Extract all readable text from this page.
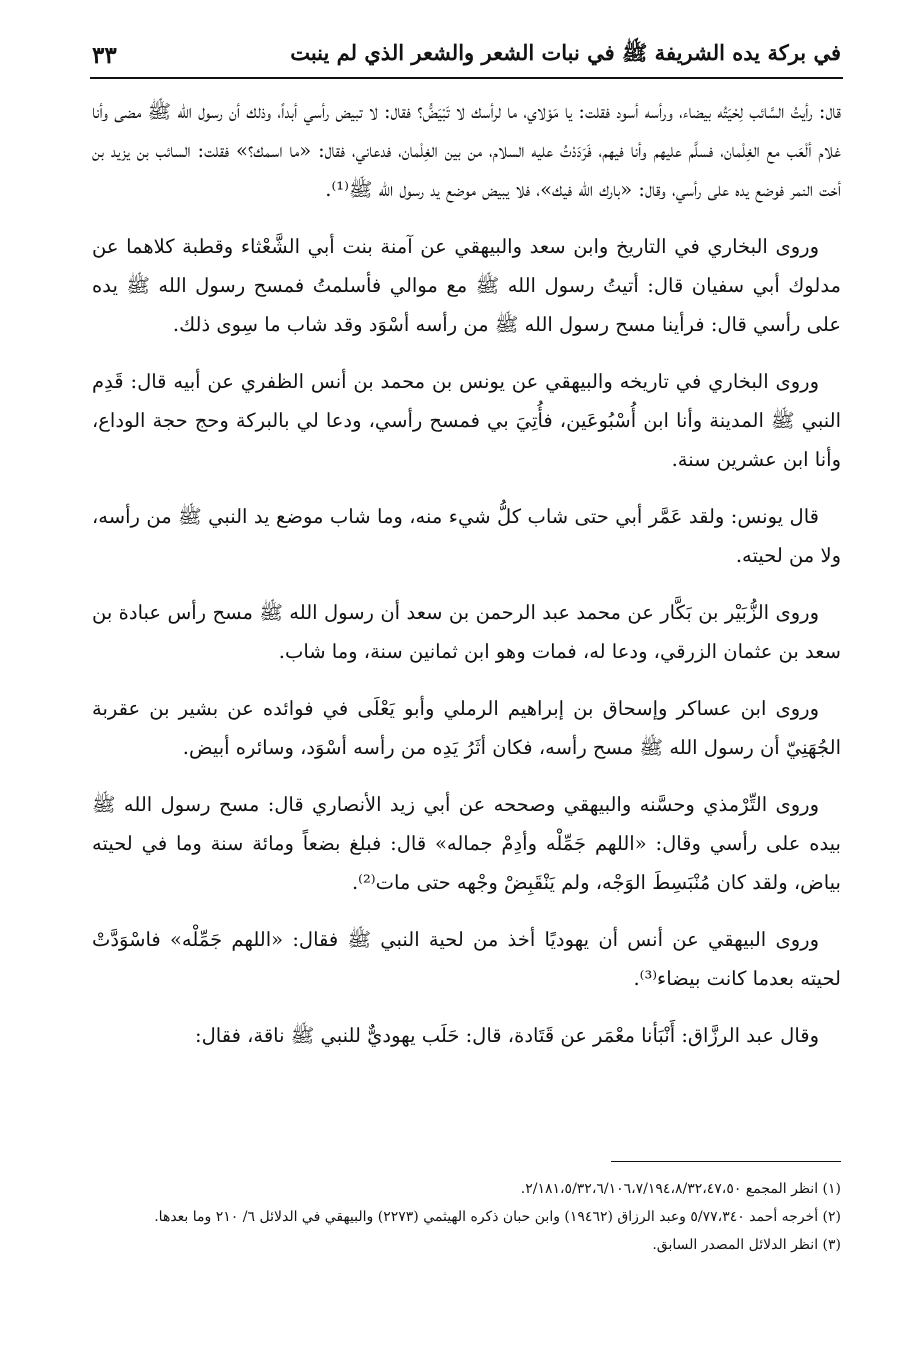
في بركة يده الشريفة ﷺ في نبات الشعر والشعر الذي لم ينبت
٣٣

قال: رأيتُ السَّائب لِحْيَتُه بيضاء، ورأسه أسود فقلت: يا مَوْلاي، ما لرأسك لا تَبْيَضُّ؟ فقال: لا تبيض رأسي أبداً، وذلك أن رسول الله ﷺ مضى وأنا غلام ألْعَب مع الغِلْمان، فسلَّم عليهم وأنا فيهم، فَرَدَدْتُ عليه السلام، من بين الغِلْمان، فدعاني، فقال: «ما اسمك؟» فقلت: السائب بن يزيد بن أخت النمر فوضع يده على رأسي، وقال: «بارك الله فيك»، فلا يبيض موضع يد رسول الله ﷺ⁽¹⁾.

وروى البخاري في التاريخ وابن سعد والبيهقي عن آمنة بنت أبي الشَّعْثاء وقطبة كلاهما عن مدلوك أبي سفيان قال: أتيتُ رسول الله ﷺ مع موالي فأسلمتُ فمسح رسول الله ﷺ يده على رأسي قال: فرأينا مسح رسول الله ﷺ من رأسه أسْوَد وقد شاب ما سِوى ذلك.

وروى البخاري في تاريخه والبيهقي عن يونس بن محمد بن أنس الظفري عن أبيه قال: قَدِم النبي ﷺ المدينة وأنا ابن أُسْبُوعَين، فأُتِيَ بي فمسح رأسي، ودعا لي بالبركة وحج حجة الوداع، وأنا ابن عشرين سنة.

قال يونس: ولقد عَمَّر أبي حتى شاب كلُّ شيء منه، وما شاب موضع يد النبي ﷺ من رأسه، ولا من لحيته.

وروى الزُّبَيْر بن بَكَّار عن محمد عبد الرحمن بن سعد أن رسول الله ﷺ مسح رأس عبادة بن سعد بن عثمان الزرقي، ودعا له، فمات وهو ابن ثمانين سنة، وما شاب.

وروى ابن عساكر وإسحاق بن إبراهيم الرملي وأبو يَعْلَى في فوائده عن بشير بن عقربة الجُهَنِيّ أن رسول الله ﷺ مسح رأسه، فكان أثَرُ يَدِه من رأسه أسْوَد، وسائره أبيض.

وروى التِّرْمذي وحسَّنه والبيهقي وصححه عن أبي زيد الأنصاري قال: مسح رسول الله ﷺ بيده على رأسي وقال: «اللهم جَمِّلْه وأدِمْ جماله» قال: فبلغ بضعاً ومائة سنة وما في لحيته بياض، ولقد كان مُنْبَسِطَ الوَجْه، ولم يَنْقَبِضْ وجْهه حتى مات⁽²⁾.

وروى البيهقي عن أنس أن يهوديًا أخذ من لحية النبي ﷺ فقال: «اللهم جَمِّلْه» فاسْوَدَّتْ لحيته بعدما كانت بيضاء⁽³⁾.

وقال عبد الرزَّاق: أَنْبَأنا معْمَر عن قَتَادة، قال: حَلَب يهوديٌّ للنبي ﷺ ناقة، فقال:

(١) انظر المجمع ٢/١٨١،٥/٣٢،٦/١٠٦،٧/١٩٤،٨/٣٢،٤٧،٥٠.

(٢) أخرجه أحمد ٥/٧٧،٣٤٠ وعبد الرزاق (١٩٤٦٢) وابن حبان ذكره الهيثمي (٢٢٧٣) والبيهقي في الدلائل ٦/ ٢١٠ وما بعدها.

(٣) انظر الدلائل المصدر السابق.
